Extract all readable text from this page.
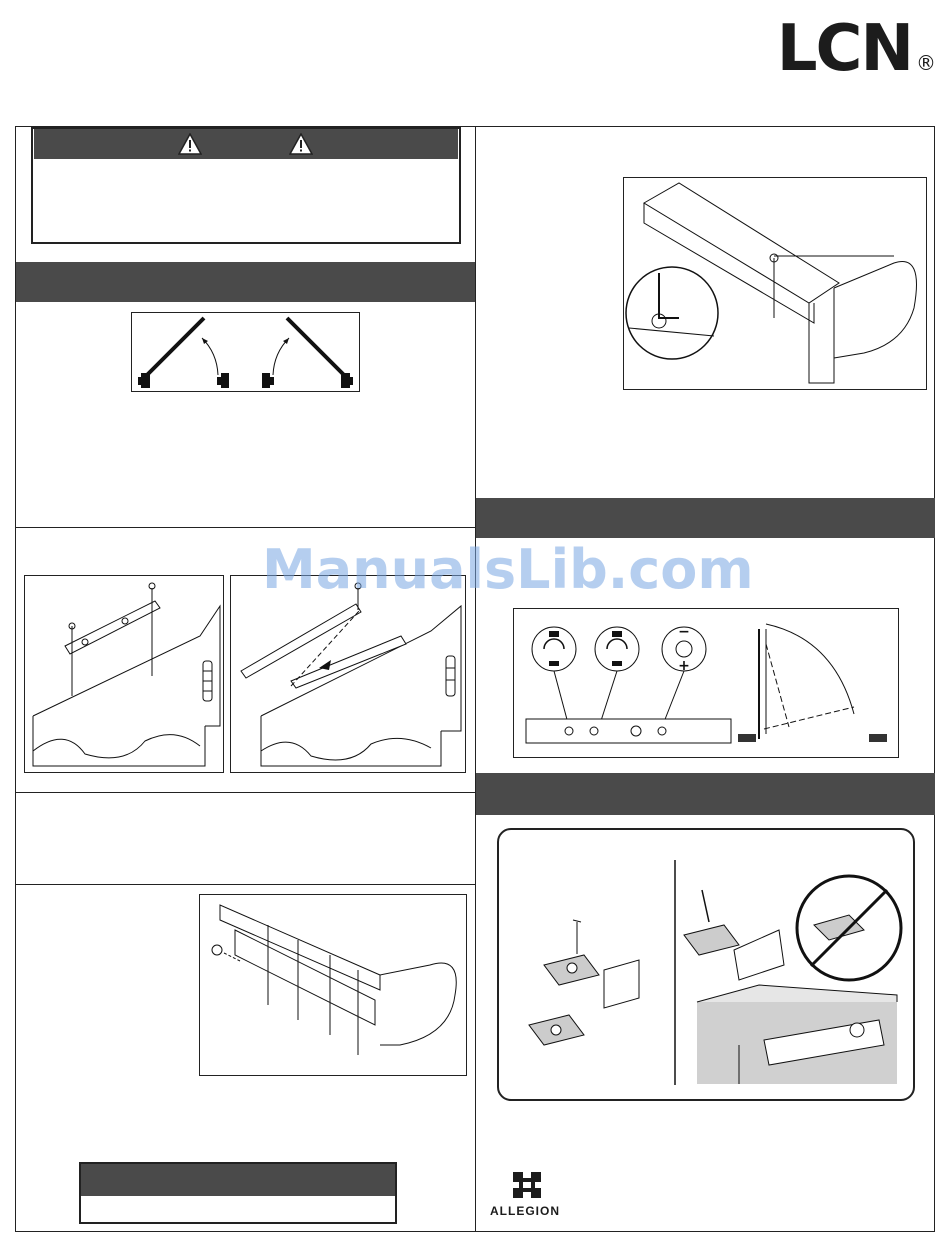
LCN ®
−
+
ALLEGION
ManualsLib.com
